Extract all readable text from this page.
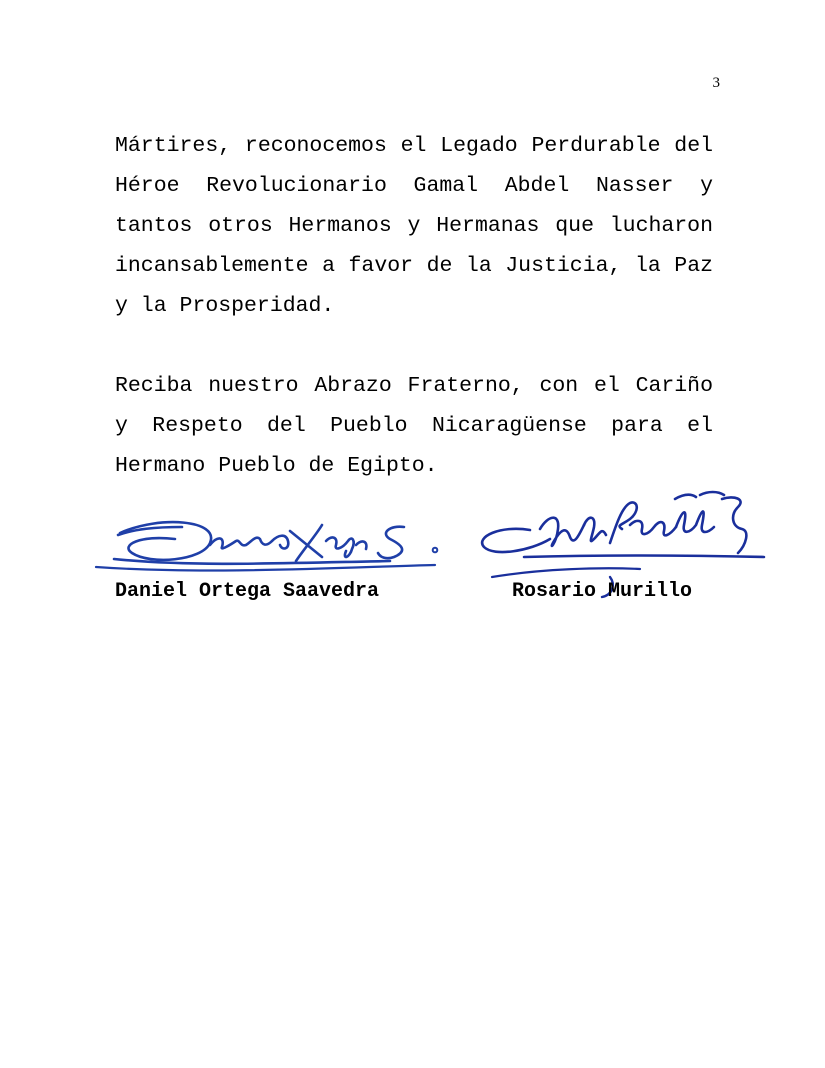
3

Mártires, reconocemos el Legado Perdurable del
Héroe Revolucionario Gamal Abdel Nasser y
tantos otros Hermanos y Hermanas que lucharon
incansablemente a favor de la Justicia, la Paz
y la Prosperidad.

Reciba nuestro Abrazo Fraterno, con el Cariño
y Respeto del Pueblo Nicaragüense para el
Hermano Pueblo de Egipto.

Daniel Ortega Saavedra	Rosario Murillo
